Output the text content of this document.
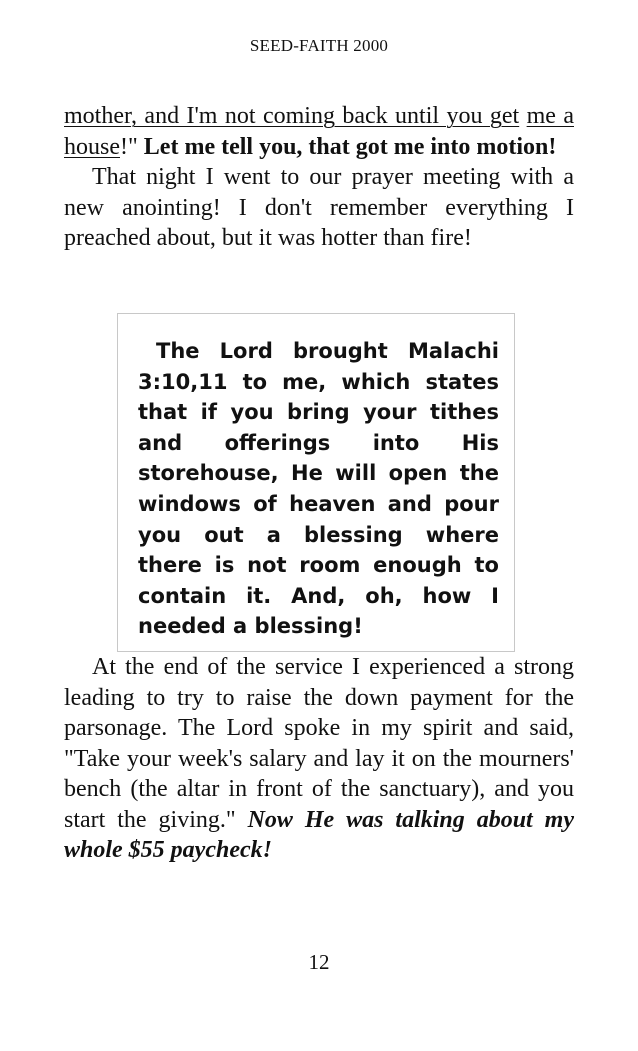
SEED-FAITH 2000

mother, and I'm not coming back until you get me a house!" Let me tell you, that got me into motion!

That night I went to our prayer meeting with a new anointing! I don't remember everything I preached about, but it was hotter than fire!

The Lord brought Malachi 3:10,11 to me, which states that if you bring your tithes and offerings into His storehouse, He will open the windows of heaven and pour you out a blessing where there is not room enough to contain it. And, oh, how I needed a blessing!

At the end of the service I experienced a strong leading to try to raise the down payment for the parsonage. The Lord spoke in my spirit and said, "Take your week's salary and lay it on the mourners' bench (the altar in front of the sanctuary), and you start the giving." Now He was talking about my whole $55 paycheck!

12
